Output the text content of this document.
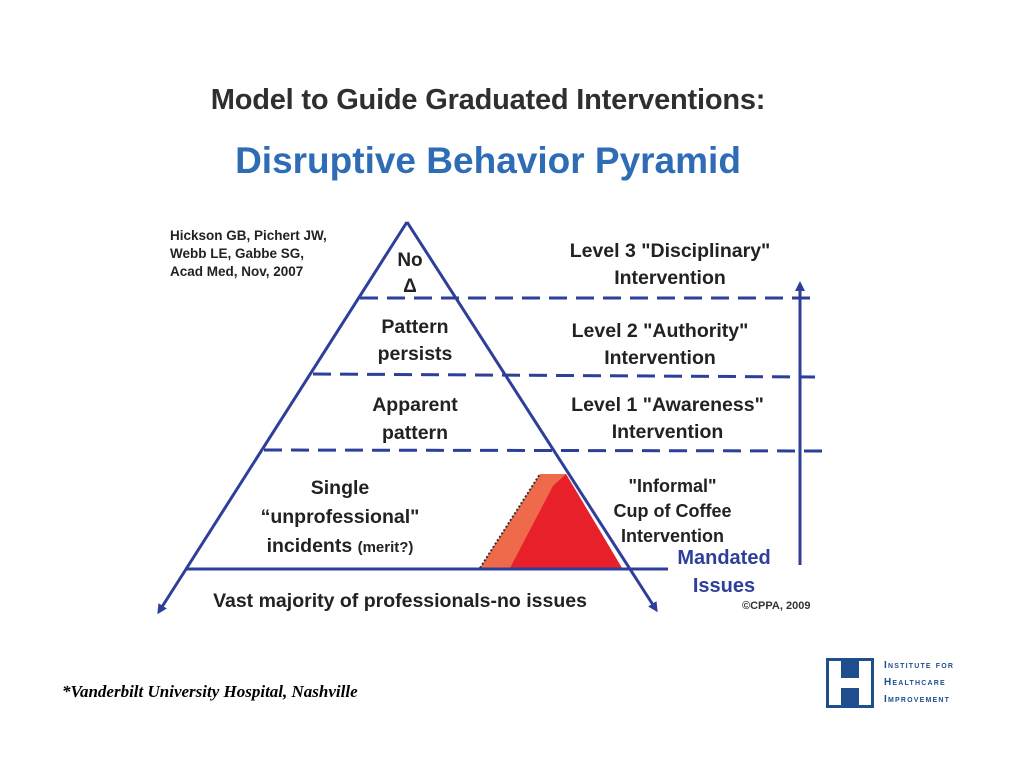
Model to Guide Graduated Interventions:
Disruptive Behavior Pyramid
Hickson GB, Pichert JW,
Webb LE, Gabbe SG,
Acad Med, Nov, 2007
No
Δ
Pattern
persists
Apparent
pattern
Single
“unprofessional"
incidents (merit?)
Vast majority of professionals-no issues
Level 3 "Disciplinary"
Intervention
Level 2 "Authority"
Intervention
Level 1 "Awareness"
Intervention
"Informal"
Cup of Coffee
Intervention
Mandated
Issues
©CPPA, 2009
*Vanderbilt University Hospital, Nashville
Institute for
Healthcare
Improvement
